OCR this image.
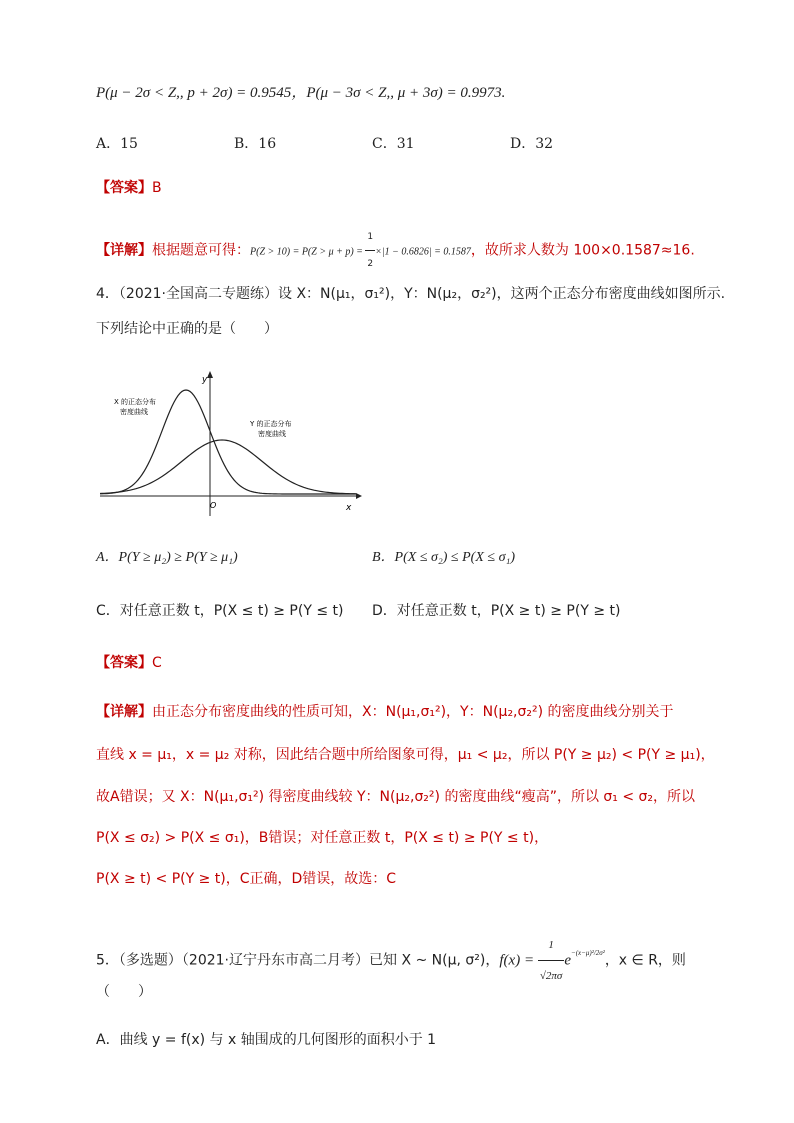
P(μ − 2σ < Z,, p + 2σ) = 0.9545，P(μ − 3σ < Z,, μ + 3σ) = 0.9973.
A．15	B．16	C．31	D．32
【答案】B
【详解】根据题意可得：$P(Z > 10) = P(Z > \mu + p) = \frac{1}{2} \times|1 - 0.6826| = 0.1587$，故所求人数为 100×0.1587≈16.
4．（2021·全国高二专题练）设 X：N(μ₁，σ₁²)，Y：N(μ₂，σ₂²)，这两个正态分布密度曲线如图所示.
下列结论中正确的是（　　）
y
x
O
X 的正态分布
密度曲线
Y 的正态分布
密度曲线
A．P(Y ≥ μ₂) ≥ P(Y ≥ μ₁)	B．P(X ≤ σ₂) ≤ P(X ≤ σ₁)
C．对任意正数 t，P(X ≤ t) ≥ P(Y ≤ t) D．对任意正数 t，P(X ≥ t) ≥ P(Y ≥ t)
【答案】C
【详解】由正态分布密度曲线的性质可知，X：N(μ₁,σ₁²)，Y：N(μ₂,σ₂²) 的密度曲线分别关于
直线 x = μ₁，x = μ₂ 对称，因此结合题中所给图象可得，μ₁ < μ₂，所以 P(Y ≥ μ₂) < P(Y ≥ μ₁)，
故A错误；又 X：N(μ₁,σ₁²) 得密度曲线较 Y：N(μ₂,σ₂²) 的密度曲线“瘦高”，所以 σ₁ < σ₂，所以
P(X ≤ σ₂) > P(X ≤ σ₁)，B错误；对任意正数 t，P(X ≤ t) ≥ P(Y ≤ t)，
P(X ≥ t) < P(Y ≥ t)，C正确，D错误，故选：C
5．（多选题）（2021·辽宁丹东市高二月考）已知 X ~ N(μ, σ²)，$f(x) = \frac{1}{√2\pi\sigma} e^{-(x-\mu)^2/2\sigma^2}$，x ∈ R，则
（　　）
A．曲线 y = f(x) 与 x 轴围成的几何图形的面积小于 1
